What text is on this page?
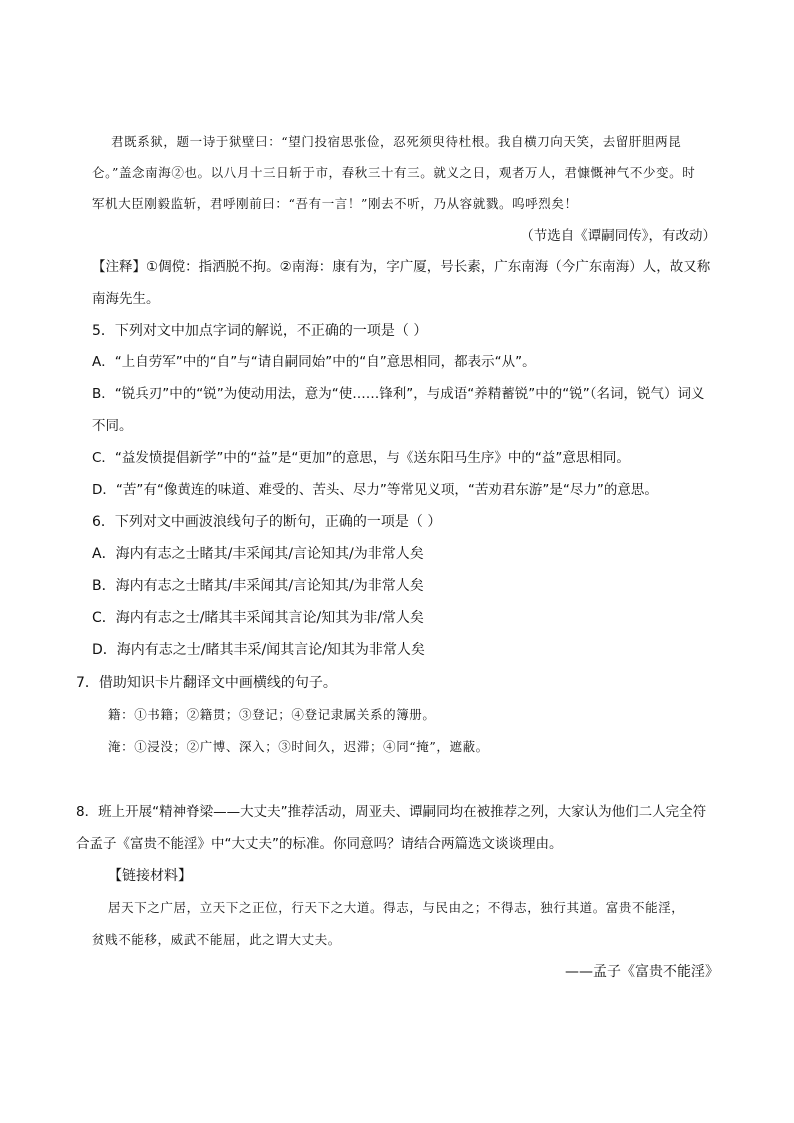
君既系狱，题一诗于狱壁曰：“望门投宿思张俭，忍死须臾待杜根。我自横刀向天笑，去留肝胆两昆
仑。”盖念南海②也。以八月十三日斩于市，春秋三十有三。就义之日，观者万人，君慷慨神气不少变。时
军机大臣刚毅监斩，君呼刚前曰：“吾有一言！”刚去不听，乃从容就戮。呜呼烈矣！
（节选自《谭嗣同传》，有改动）
【注释】①倜傥：指洒脱不拘。②南海：康有为，字广厦，号长素，广东南海（今广东南海）人，故又称
南海先生。
5．下列对文中加点字词的解说，不正确的一项是（ ）
A．“上自劳军”中的“自”与“请自嗣同始”中的“自”意思相同，都表示“从”。
B．“锐兵刃”中的“锐”为使动用法，意为“使……锋利”，与成语“养精蓄锐”中的“锐”（名词，锐气）词义
不同。
C．“益发愤提倡新学”中的“益”是“更加”的意思，与《送东阳马生序》中的“益”意思相同。
D．“苦”有“像黄连的味道、难受的、苦头、尽力”等常见义项，“苦劝君东游”是“尽力”的意思。
6．下列对文中画波浪线句子的断句，正确的一项是（ ）
A．海内有志之士睹其/丰采闻其/言论知其/为非常人矣
B．海内有志之士睹其/丰采闻其/言论知其/为非常人矣
C．海内有志之士/睹其丰采闻其言论/知其为非/常人矣
D．海内有志之士/睹其丰采/闻其言论/知其为非常人矣
7．借助知识卡片翻译文中画横线的句子。
籍：①书籍；②籍贯；③登记；④登记隶属关系的簿册。
淹：①浸没；②广博、深入；③时间久，迟滞；④同“掩”，遮蔽。
8．班上开展“精神脊梁——大丈夫”推荐活动，周亚夫、谭嗣同均在被推荐之列，大家认为他们二人完全符
合孟子《富贵不能淫》中“大丈夫”的标准。你同意吗？请结合两篇选文谈谈理由。
【链接材料】
居天下之广居，立天下之正位，行天下之大道。得志，与民由之；不得志，独行其道。富贵不能淫，
贫贱不能移，威武不能屈，此之谓大丈夫。
——孟子《富贵不能淫》
